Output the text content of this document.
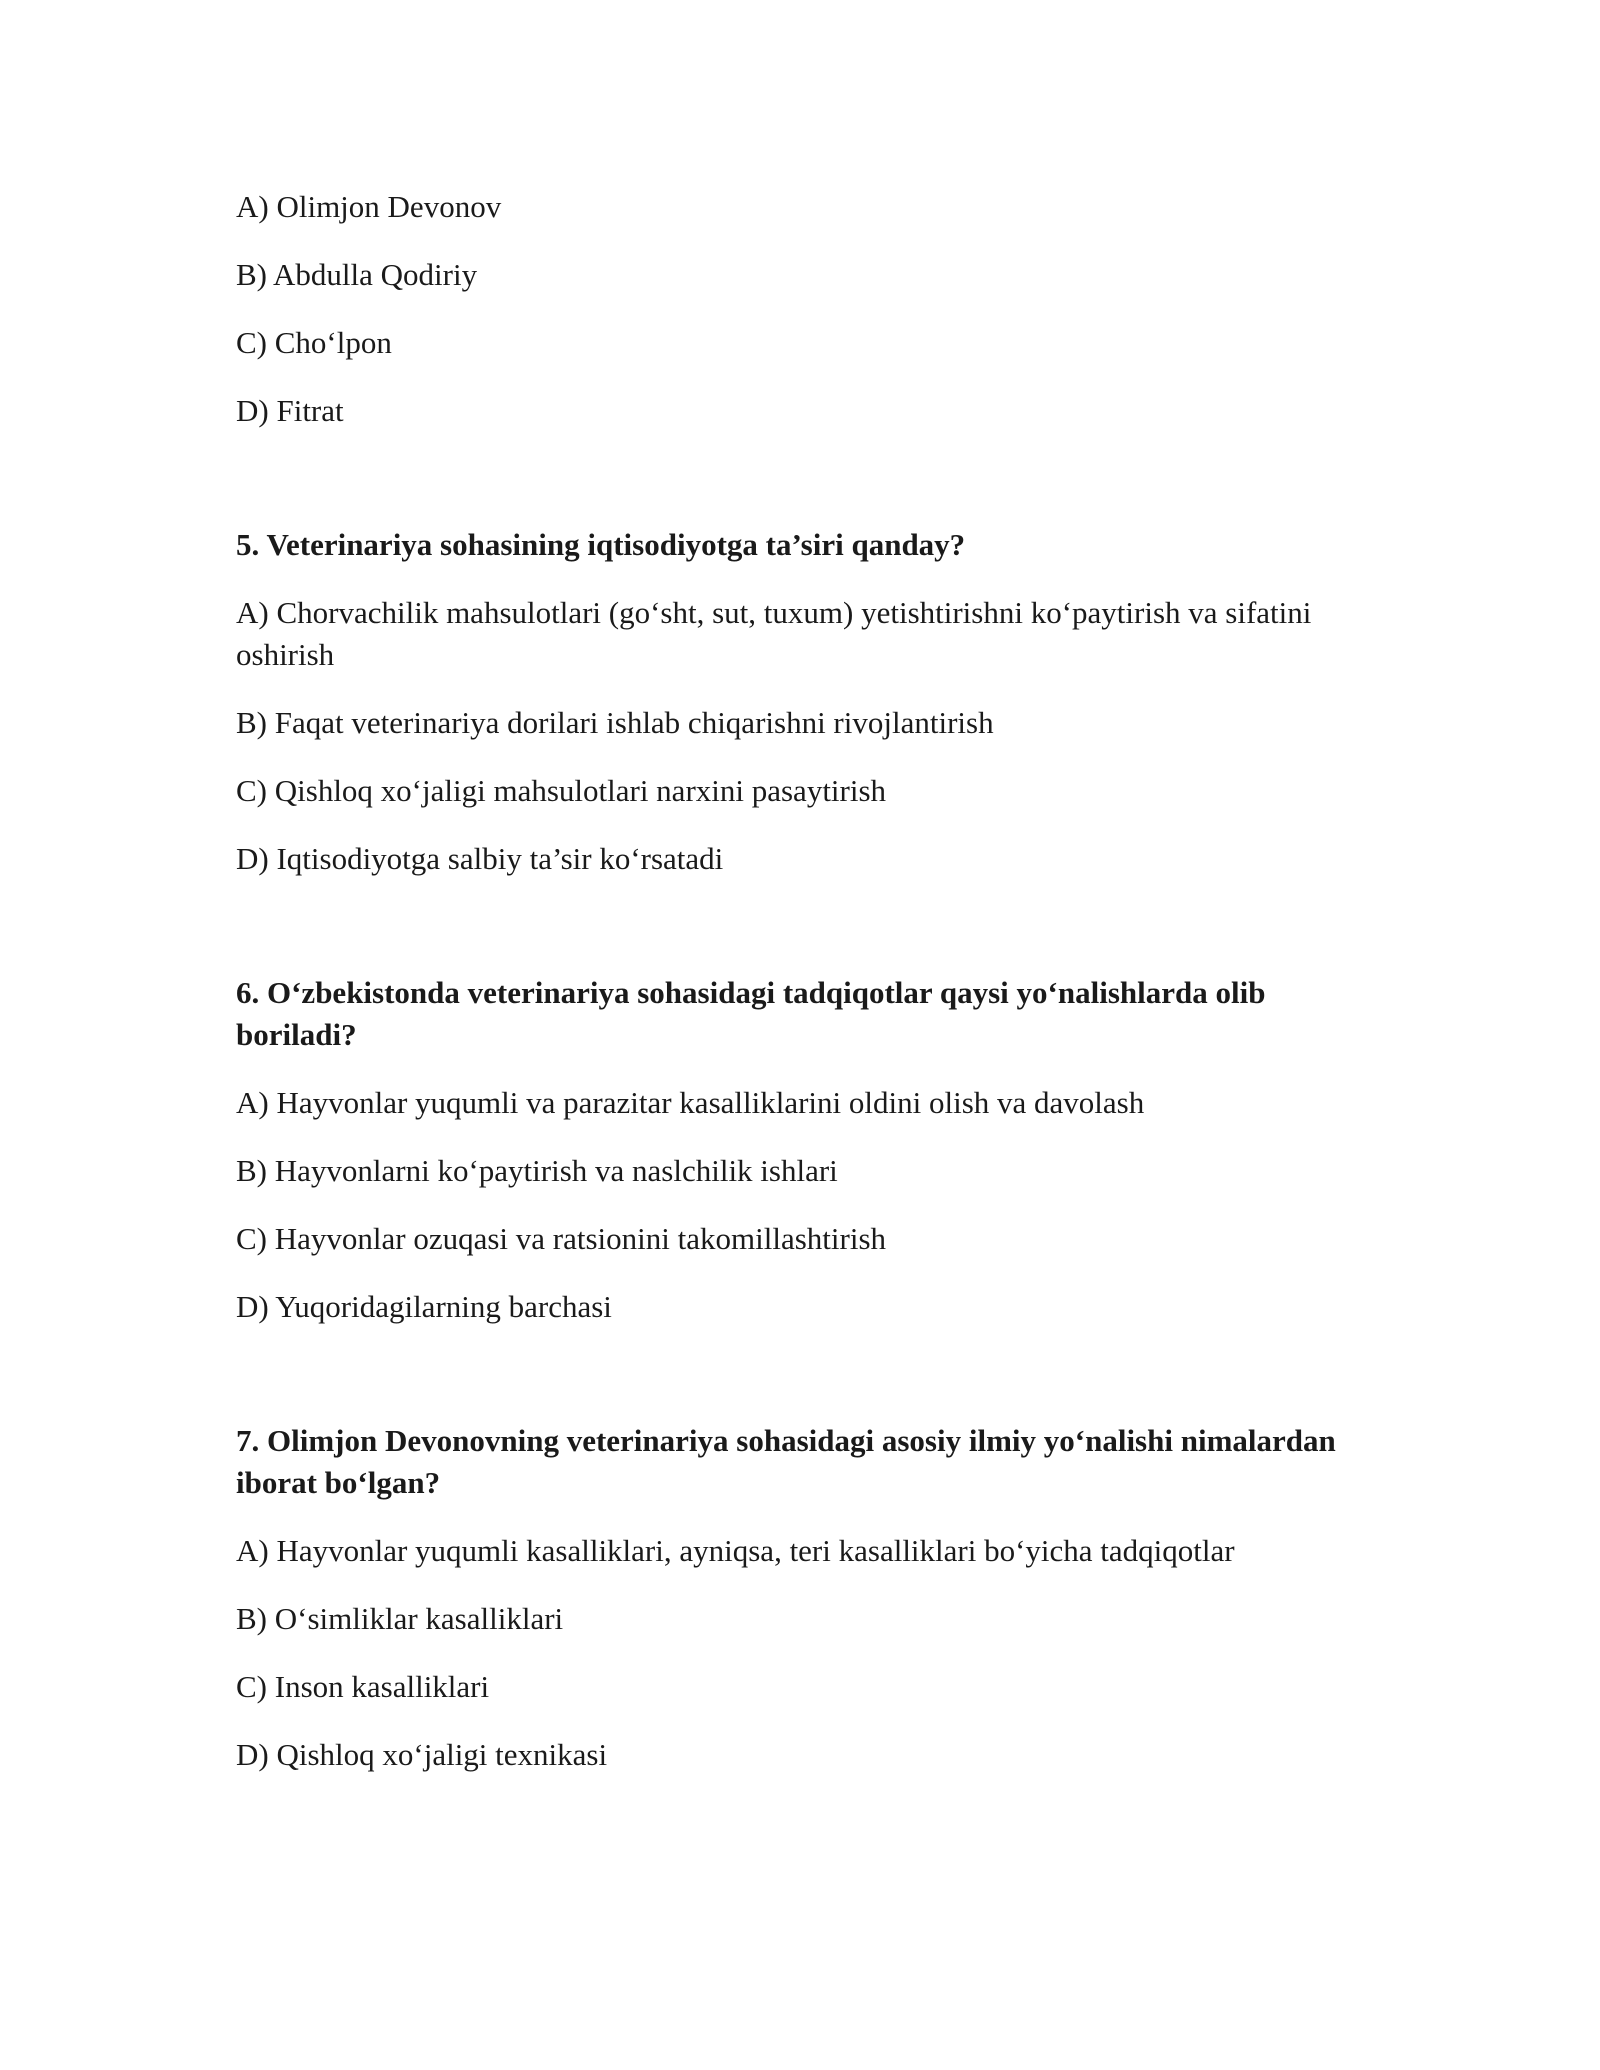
A) Olimjon Devonov

B) Abdulla Qodiriy

C) Cho‘lpon

D) Fitrat

5. Veterinariya sohasining iqtisodiyotga ta’siri qanday?

A) Chorvachilik mahsulotlari (go‘sht, sut, tuxum) yetishtirishni ko‘paytirish va sifatini oshirish

B) Faqat veterinariya dorilari ishlab chiqarishni rivojlantirish

C) Qishloq xo‘jaligi mahsulotlari narxini pasaytirish

D) Iqtisodiyotga salbiy ta’sir ko‘rsatadi

6. O‘zbekistonda veterinariya sohasidagi tadqiqotlar qaysi yo‘nalishlarda olib boriladi?

A) Hayvonlar yuqumli va parazitar kasalliklarini oldini olish va davolash

B) Hayvonlarni ko‘paytirish va naslchilik ishlari

C) Hayvonlar ozuqasi va ratsionini takomillashtirish

D) Yuqoridagilarning barchasi

7. Olimjon Devonovning veterinariya sohasidagi asosiy ilmiy yo‘nalishi nimalardan iborat bo‘lgan?

A) Hayvonlar yuqumli kasalliklari, ayniqsa, teri kasalliklari bo‘yicha tadqiqotlar

B) O‘simliklar kasalliklari

C) Inson kasalliklari

D) Qishloq xo‘jaligi texnikasi
